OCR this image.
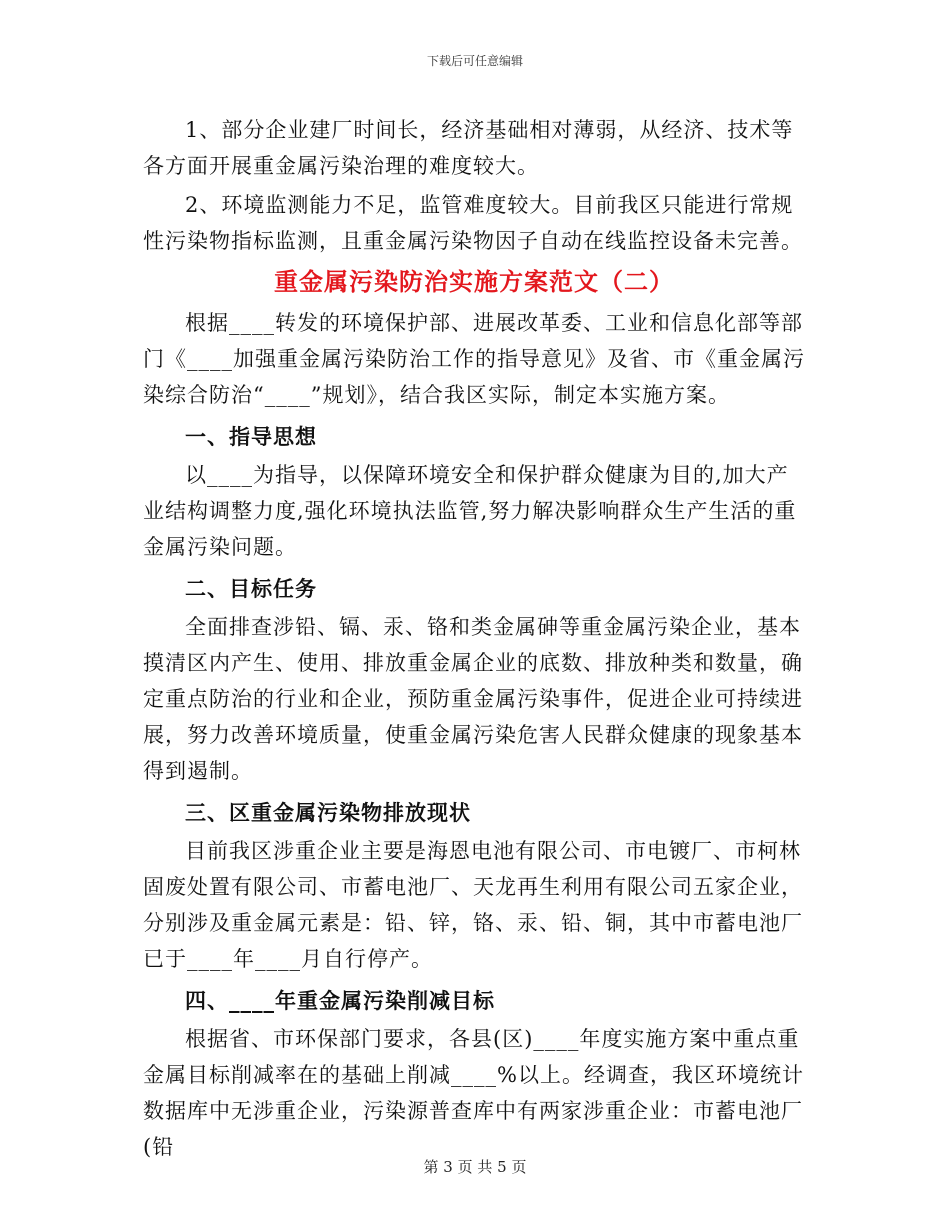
下载后可任意编辑

1、部分企业建厂时间长，经济基础相对薄弱，从经济、技术等各方面开展重金属污染治理的难度较大。

2、环境监测能力不足，监管难度较大。目前我区只能进行常规性污染物指标监测，且重金属污染物因子自动在线监控设备未完善。

重金属污染防治实施方案范文（二）

根据____转发的环境保护部、进展改革委、工业和信息化部等部门《____加强重金属污染防治工作的指导意见》及省、市《重金属污染综合防治“____”规划》，结合我区实际，制定本实施方案。

一、指导思想

以____为指导，以保障环境安全和保护群众健康为目的,加大产业结构调整力度,强化环境执法监管,努力解决影响群众生产生活的重金属污染问题。

二、目标任务

全面排查涉铅、镉、汞、铬和类金属砷等重金属污染企业，基本摸清区内产生、使用、排放重金属企业的底数、排放种类和数量，确定重点防治的行业和企业，预防重金属污染事件，促进企业可持续进展，努力改善环境质量，使重金属污染危害人民群众健康的现象基本得到遏制。

三、区重金属污染物排放现状

目前我区涉重企业主要是海恩电池有限公司、市电镀厂、市柯林固废处置有限公司、市蓄电池厂、天龙再生利用有限公司五家企业，分别涉及重金属元素是：铅、锌，铬、汞、铅、铜，其中市蓄电池厂已于____年____月自行停产。

四、____年重金属污染削减目标

根据省、市环保部门要求，各县(区)____年度实施方案中重点重金属目标削减率在的基础上削减____%以上。经调查，我区环境统计数据库中无涉重企业，污染源普查库中有两家涉重企业：市蓄电池厂(铅

第 3 页 共 5 页
